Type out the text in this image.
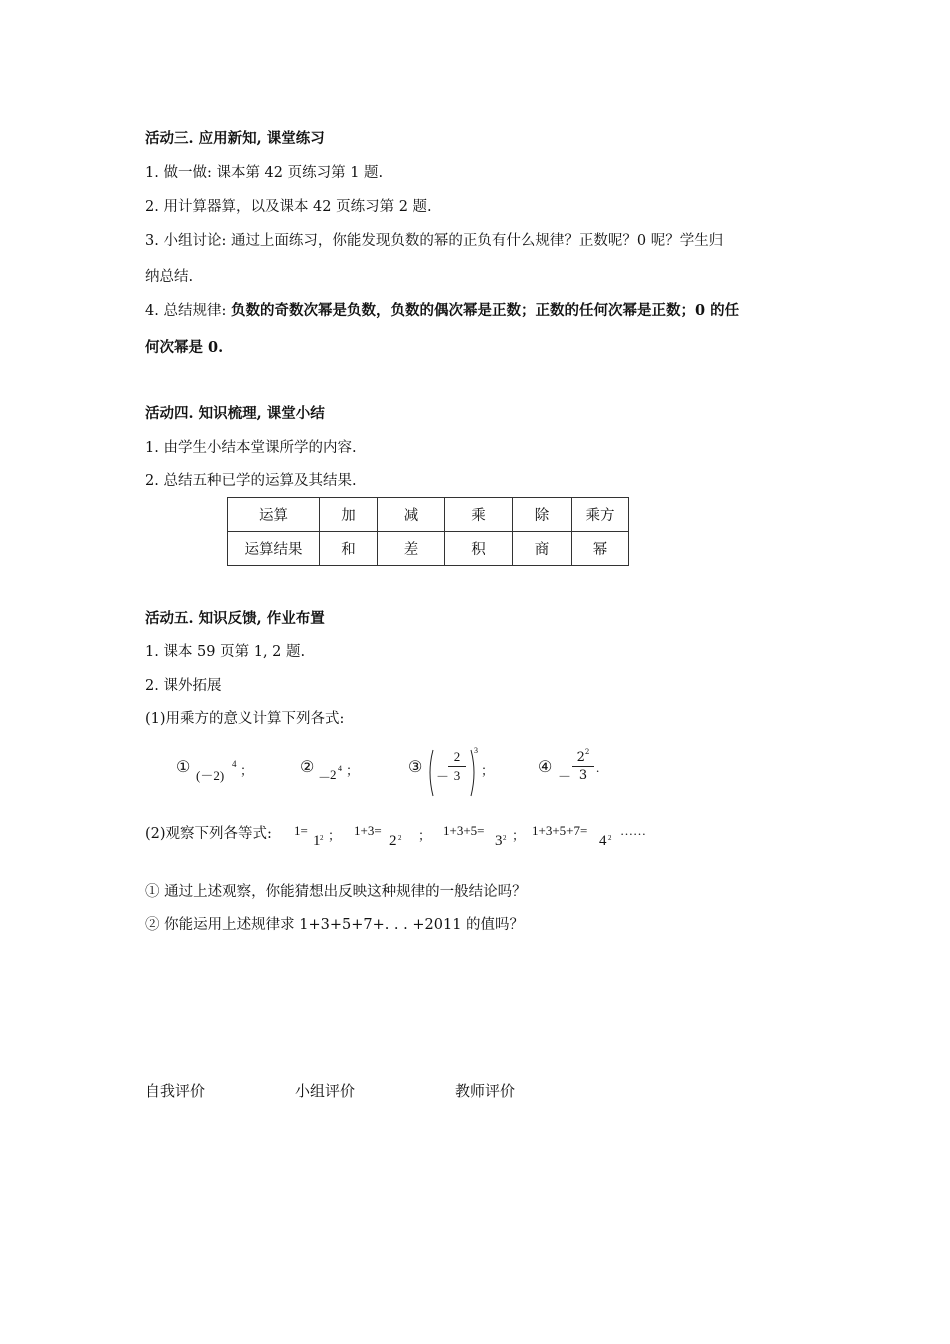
活动三. 应用新知, 课堂练习
1. 做一做: 课本第 42 页练习第 1 题.
2. 用计算器算，以及课本 42 页练习第 2 题.
3. 小组讨论: 通过上面练习，你能发现负数的幂的正负有什么规律？正数呢？0 呢？学生归
纳总结.
4. 总结规律: 负数的奇数次幂是负数，负数的偶次幂是正数；正数的任何次幂是正数；0 的任
何次幂是 0.
活动四. 知识梳理, 课堂小结
1. 由学生小结本堂课所学的内容.
2. 总结五种已学的运算及其结果.
运算	加	减	乘	除	乘方
运算结果	和	差	积	商	幂
活动五. 知识反馈, 作业布置
1. 课本 59 页第 1, 2 题.
2. 课外拓展
(1)用乘方的意义计算下列各式:
① (－2)
4 ；	②
－
2 4 ；	③
－
2
3
3
；	④
－
$2^2$
3
.
(2)观察下列各等式: 1=
1 2 ； 1+3=
2 2 ； 1+3+5=
3 2 ； 1+3+5+7=
4 2 ……
① 通过上述观察，你能猜想出反映这种规律的一般结论吗？
② 你能运用上述规律求 1+3+5+7+. . . +2011 的值吗？
自我评价	小组评价	教师评价
